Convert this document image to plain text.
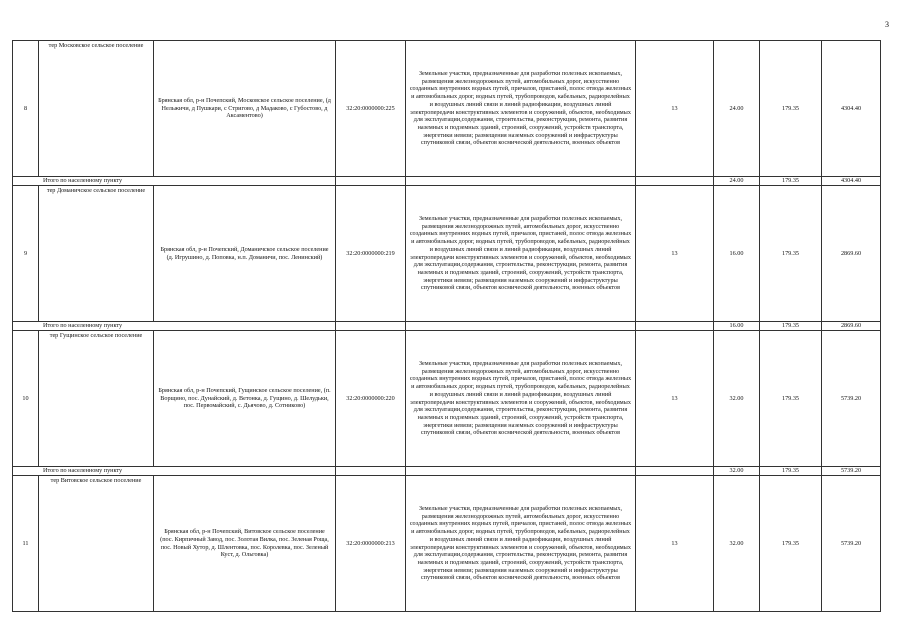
3
8	тер Московское сельское поселение	Брянская обл, р-н Почепский, Московское сельское поселение, (д Нельжичи, д Пушкари, с Стригово, д Мадаково, с Губостово, д Аксаментово)	32:20:0000000:225	Земельные участки, предназначенные для разработки полезных ископаемых, размещения железнодорожных путей, автомобильных дорог, искусственно созданных внутренних водных путей, причалов, пристаней, полос отвода железных и автомобильных дорог, водных путей, трубопроводов, кабельных, радиорелейных и воздушных линий связи и линий радиофикации, воздушных линий электропередачи конструктивных элементов и сооружений, объектов, необходимых для эксплуатации,содержания, строительства, реконструкции, ремонта, развития наземных и подземных зданий, строений, сооружений, устройств транспорта, энергетики иевязи; размещения наземных сооружений и инфраструктуры спутниковой связи, объектов космической деятельности, военных объектов	13	24.00	179.35	4304.40
Итого по населенному пункту						24.00	179.35	4304.40
9	тер Доманичское сельское поселение	Брянская обл, р-н Почепский, Доманичское сельское поселение (д. Игрушино, д. Поповка, н.п. Доманичи, пос. Ленинский)	32:20:0000000:219	Земельные участки, предназначенные для разработки полезных ископаемых, размещения железнодорожных путей, автомобильных дорог, искусственно созданных внутренних водных путей, причалов, пристаней, полос отвода железных и автомобильных дорог, водных путей, трубопроводов, кабельных, радиорелейных и воздушных линий связи и линий радиофикации, воздушных линий электропередачи конструктивных элементов и сооружений, объектов, необходимых для эксплуатации,содержания, строительства, реконструкции, ремонта, развития наземных и подземных зданий, строений, сооружений, устройств транспорта, энергетики иевязи; размещения наземных сооружений и инфраструктуры спутниковой связи, объектов космической деятельности, военных объектов	13	16.00	179.35	2869.60
Итого по населенному пункту						16.00	179.35	2869.60
10	тер Гущинское сельское поселение	Брянская обл, р-н Почепский, Гущинское сельское поселение, (п. Ворщино, пос. Дунайский, д. Ветонка, д. Гущино, д. Шелудьки, пос. Первомайский, с. Дьячово, д. Сотниково)	32:20:0000000:220	Земельные участки, предназначенные для разработки полезных ископаемых, размещения железнодорожных путей, автомобильных дорог, искусственно созданных внутренних водных путей, причалов, пристаней, полос отвода железных и автомобильных дорог, водных путей, трубопроводов, кабельных, радиорелейных и воздушных линий связи и линий радиофикации, воздушных линий электропередачи конструктивных элементов и сооружений, объектов, необходимых для эксплуатации,содержания, строительства, реконструкции, ремонта, развития наземных и подземных зданий, строений, сооружений, устройств транспорта, энергетики иевязи; размещения наземных сооружений и инфраструктуры спутниковой связи, объектов космической деятельности, военных объектов	13	32.00	179.35	5739.20
Итого по населенному пункту						32.00	179.35	5739.20
11	тер Витовское сельское поселение	Брянская обл, р-н Почепский, Витовское сельское поселение (пос. Кирпичный Завод, пос. Золотая Вилка, пос. Зеленая Роща, пос. Новый Хутор, д. Шлентовка, пос. Королевка, пос. Зеленый Куст, д. Ольговка)	32:20:0000000:213	Земельные участки, предназначенные для разработки полезных ископаемых, размещения железнодорожных путей, автомобильных дорог, искусственно созданных внутренних водных путей, причалов, пристаней, полос отвода железных и автомобильных дорог, водных путей, трубопроводов, кабельных, радиорелейных и воздушных линий связи и линий радиофикации, воздушных линий электропередачи конструктивных элементов и сооружений, объектов, необходимых для эксплуатации,содержания, строительства, реконструкции, ремонта, развития наземных и подземных зданий, строений, сооружений, устройств транспорта, энергетики иевязи; размещения наземных сооружений и инфраструктуры спутниковой связи, объектов космической деятельности, военных объектов	13	32.00	179.35	5739.20
